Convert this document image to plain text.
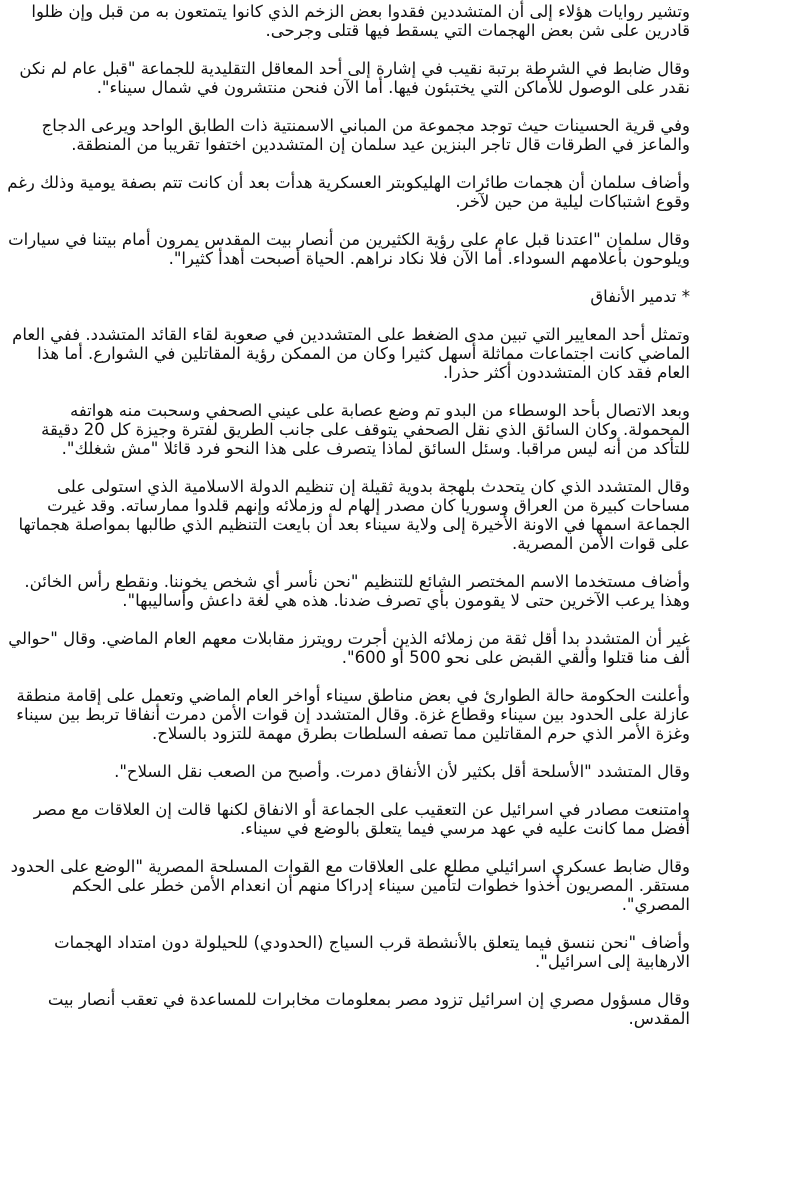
وتشير روايات هؤلاء إلى أن المتشددين فقدوا بعض الزخم الذي كانوا يتمتعون به من قبل وإن ظلوا قادرين على شن بعض الهجمات التي يسقط فيها قتلى وجرحى.

وقال ضابط في الشرطة برتبة نقيب في إشارة إلى أحد المعاقل التقليدية للجماعة "قبل عام لم نكن نقدر على الوصول للأماكن التي يختبئون فيها. أما الآن فنحن منتشرون في شمال سيناء".

وفي قرية الحسينات حيث توجد مجموعة من المباني الاسمنتية ذات الطابق الواحد ويرعى الدجاج والماعز في الطرقات قال تاجر البنزين عيد سلمان إن المتشددين اختفوا تقريبا من المنطقة.

وأضاف سلمان أن هجمات طائرات الهليكوبتر العسكرية هدأت بعد أن كانت تتم بصفة يومية وذلك رغم وقوع اشتباكات ليلية من حين لآخر.

وقال سلمان "اعتدنا قبل عام على رؤية الكثيرين من أنصار بيت المقدس يمرون أمام بيتنا في سيارات ويلوحون بأعلامهم السوداء. أما الآن فلا نكاد نراهم. الحياة أصبحت أهدأ كثيرا".

* تدمير الأنفاق

وتمثل أحد المعايير التي تبين مدى الضغط على المتشددين في صعوبة لقاء القائد المتشدد. ففي العام الماضي كانت اجتماعات مماثلة أسهل كثيرا وكان من الممكن رؤية المقاتلين في الشوارع. أما هذا العام فقد كان المتشددون أكثر حذرا.

وبعد الاتصال بأحد الوسطاء من البدو تم وضع عصابة على عيني الصحفي وسحبت منه هواتفه المحمولة. وكان السائق الذي نقل الصحفي يتوقف على جانب الطريق لفترة وجيزة كل 20 دقيقة للتأكد من أنه ليس مراقبا. وسئل السائق لماذا يتصرف على هذا النحو فرد قائلا "مش شغلك".

وقال المتشدد الذي كان يتحدث بلهجة بدوية ثقيلة إن تنظيم الدولة الاسلامية الذي استولى على مساحات كبيرة من العراق وسوريا كان مصدر إلهام له وزملائه وإنهم قلدوا ممارساته. وقد غيرت الجماعة اسمها في الاونة الأخيرة إلى ولاية سيناء بعد أن بايعت التنظيم الذي طالبها بمواصلة هجماتها على قوات الأمن المصرية.

وأضاف مستخدما الاسم المختصر الشائع للتنظيم "نحن نأسر أي شخص يخوننا. ونقطع رأس الخائن. وهذا يرعب الآخرين حتى لا يقومون بأي تصرف ضدنا. هذه هي لغة داعش وأساليبها".

غير أن المتشدد بدا أقل ثقة من زملائه الذين أجرت رويترز مقابلات معهم العام الماضي. وقال "حوالي ألف منا قتلوا وألقي القبض على نحو 500 أو 600".

وأعلنت الحكومة حالة الطوارئ في بعض مناطق سيناء أواخر العام الماضي وتعمل على إقامة منطقة عازلة على الحدود بين سيناء وقطاع غزة. وقال المتشدد إن قوات الأمن دمرت أنفاقا تربط بين سيناء وغزة الأمر الذي حرم المقاتلين مما تصفه السلطات بطرق مهمة للتزود بالسلاح.

وقال المتشدد "الأسلحة أقل بكثير لأن الأنفاق دمرت. وأصبح من الصعب نقل السلاح".

وامتنعت مصادر في اسرائيل عن التعقيب على الجماعة أو الانفاق لكنها قالت إن العلاقات مع مصر أفضل مما كانت عليه في عهد مرسي فيما يتعلق بالوضع في سيناء.

وقال ضابط عسكري اسرائيلي مطلع على العلاقات مع القوات المسلحة المصرية "الوضع على الحدود مستقر. المصريون أخذوا خطوات لتأمين سيناء إدراكا منهم أن انعدام الأمن خطر على الحكم المصري".

وأضاف "نحن ننسق فيما يتعلق بالأنشطة قرب السياج (الحدودي) للحيلولة دون امتداد الهجمات الارهابية إلى اسرائيل".

وقال مسؤول مصري إن اسرائيل تزود مصر بمعلومات مخابرات للمساعدة في تعقب أنصار بيت المقدس.
